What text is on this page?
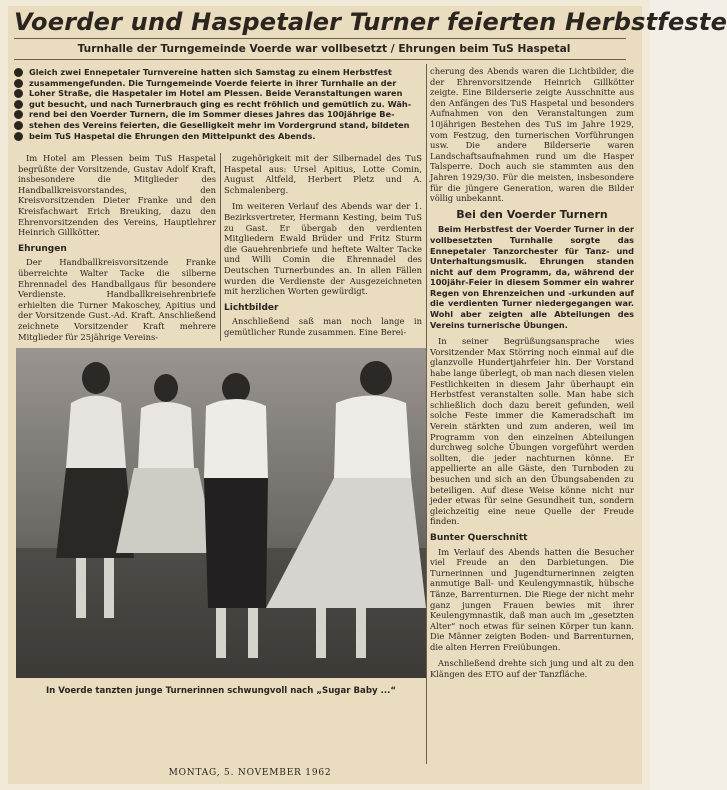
Voerder und Haspetaler Turner feierten Herbstfeste
Turnhalle der Turngemeinde Voerde war vollbesetzt / Ehrungen beim TuS Haspetal
Gleich zwei Ennepetaler Turnvereine hatten sich Samstag zu einem Herbstfest
zusammengefunden. Die Turngemeinde Voerde feierte in ihrer Turnhalle an der
Loher Straße, die Haspetaler im Hotel am Plessen. Beide Veranstaltungen waren
gut besucht, und nach Turnerbrauch ging es recht fröhlich und gemütlich zu. Wäh-
rend bei den Voerder Turnern, die im Sommer dieses Jahres das 100jährige Be-
stehen des Vereins feierten, die Geselligkeit mehr im Vordergrund stand, bildeten
beim TuS Haspetal die Ehrungen den Mittelpunkt des Abends.

Im Hotel am Plessen beim TuS Haspetal begrüßte der Vorsitzende, Gustav Adolf Kraft, insbesondere die Mitglieder des Handballkreisvorstandes, den Kreisvorsitzenden Dieter Franke und den Kreisfachwart Erich Breuking, dazu den Ehrenvorsitzenden des Vereins, Hauptlehrer Heinrich Gillkötter.

Ehrungen

Der Handballkreisvorsitzende Franke überreichte Walter Tacke die silberne Ehrennadel des Handballgaus für besondere Verdienste. Handballkreisehrenbriefe erhielten die Turner Makoschey, Apitius und der Vorsitzende Gust.-Ad. Kraft. Anschließend zeichnete Vorsitzender Kraft mehrere Mitglieder für 25jährige Vereins-

zugehörigkeit mit der Silbernadel des TuS Haspetal aus: Ursel Apitius, Lotte Comin, August Altfeld, Herbert Pletz und A. Schmalenberg.

Im weiteren Verlauf des Abends war der 1. Bezirksvertreter, Hermann Kesting, beim TuS zu Gast. Er übergab den verdienten Mitgliedern Ewald Brüder und Fritz Sturm die Gauehrenbriefe und heftete Walter Tacke und Willi Comin die Ehrennadel des Deutschen Turnerbundes an. In allen Fällen wurden die Verdienste der Ausgezeichneten mit herzlichen Worten gewürdigt.

Lichtbilder

Anschließend saß man noch lange in gemütlicher Runde zusammen. Eine Berei-

cherung des Abends waren die Lichtbilder, die der Ehrenvorsitzende Heinrich Gillkötter zeigte. Eine Bilderserie zeigte Ausschnitte aus den Anfängen des TuS Haspetal und besonders Aufnahmen von den Veranstaltungen zum 10jährigen Bestehen des TuS im Jahre 1929, vom Festzug, den turnerischen Vorführungen usw. Die andere Bilderserie waren Landschaftsaufnahmen rund um die Hasper Talsperre. Doch auch sie stammten aus den Jahren 1929/30. Für die meisten, insbesondere für die jüngere Generation, waren die Bilder völlig unbekannt.

Bei den Voerder Turnern

Beim Herbstfest der Voerder Turner in der vollbesetzten Turnhalle sorgte das Ennepetaler Tanzorchester für Tanz- und Unterhaltungsmusik. Ehrungen standen nicht auf dem Programm, da, während der 100jähr-Feier in diesem Sommer ein wahrer Regen von Ehrenzeichen und -urkunden auf die verdienten Turner niedergegangen war. Wohl aber zeigten alle Abteilungen des Vereins turnerische Übungen.

In seiner Begrüßungsansprache wies Vorsitzender Max Störring noch einmal auf die glanzvolle Hundertjahrfeier hin. Der Vorstand habe lange überlegt, ob man nach diesen vielen Festlichkeiten in diesem Jahr überhaupt ein Herbstfest veranstalten solle. Man habe sich schließlich doch dazu bereit gefunden, weil solche Feste immer die Kameradschaft im Verein stärkten und zum anderen, weil im Programm von den einzelnen Abteilungen durchweg solche Übungen vorgeführt werden sollten, die jeder nachturnen könne. Er appellierte an alle Gäste, den Turnboden zu besuchen und sich an den Übungsabenden zu beteiligen. Auf diese Weise könne nicht nur jeder etwas für seine Gesundheit tun, sondern gleichzeitig eine neue Quelle der Freude finden.

Bunter Querschnitt

Im Verlauf des Abends hatten die Besucher viel Freude an den Darbietungen. Die Turnerinnen und Jugendturnerinnen zeigten anmutige Ball- und Keulengymnastik, hübsche Tänze, Barrenturnen. Die Riege der nicht mehr ganz jungen Frauen bewies mit ihrer Keulengymnastik, daß man auch im „gesetzten Alter“ noch etwas für seinen Körper tun kann. Die Männer zeigten Boden- und Barrenturnen, die alten Herren Freiübungen.

Anschließend drehte sich jung und alt zu den Klängen des ETO auf der Tanzfläche.

In Voerde tanzten junge Turnerinnen schwungvoll nach „Sugar Baby ...“
MONTAG, 5. NOVEMBER 1962
